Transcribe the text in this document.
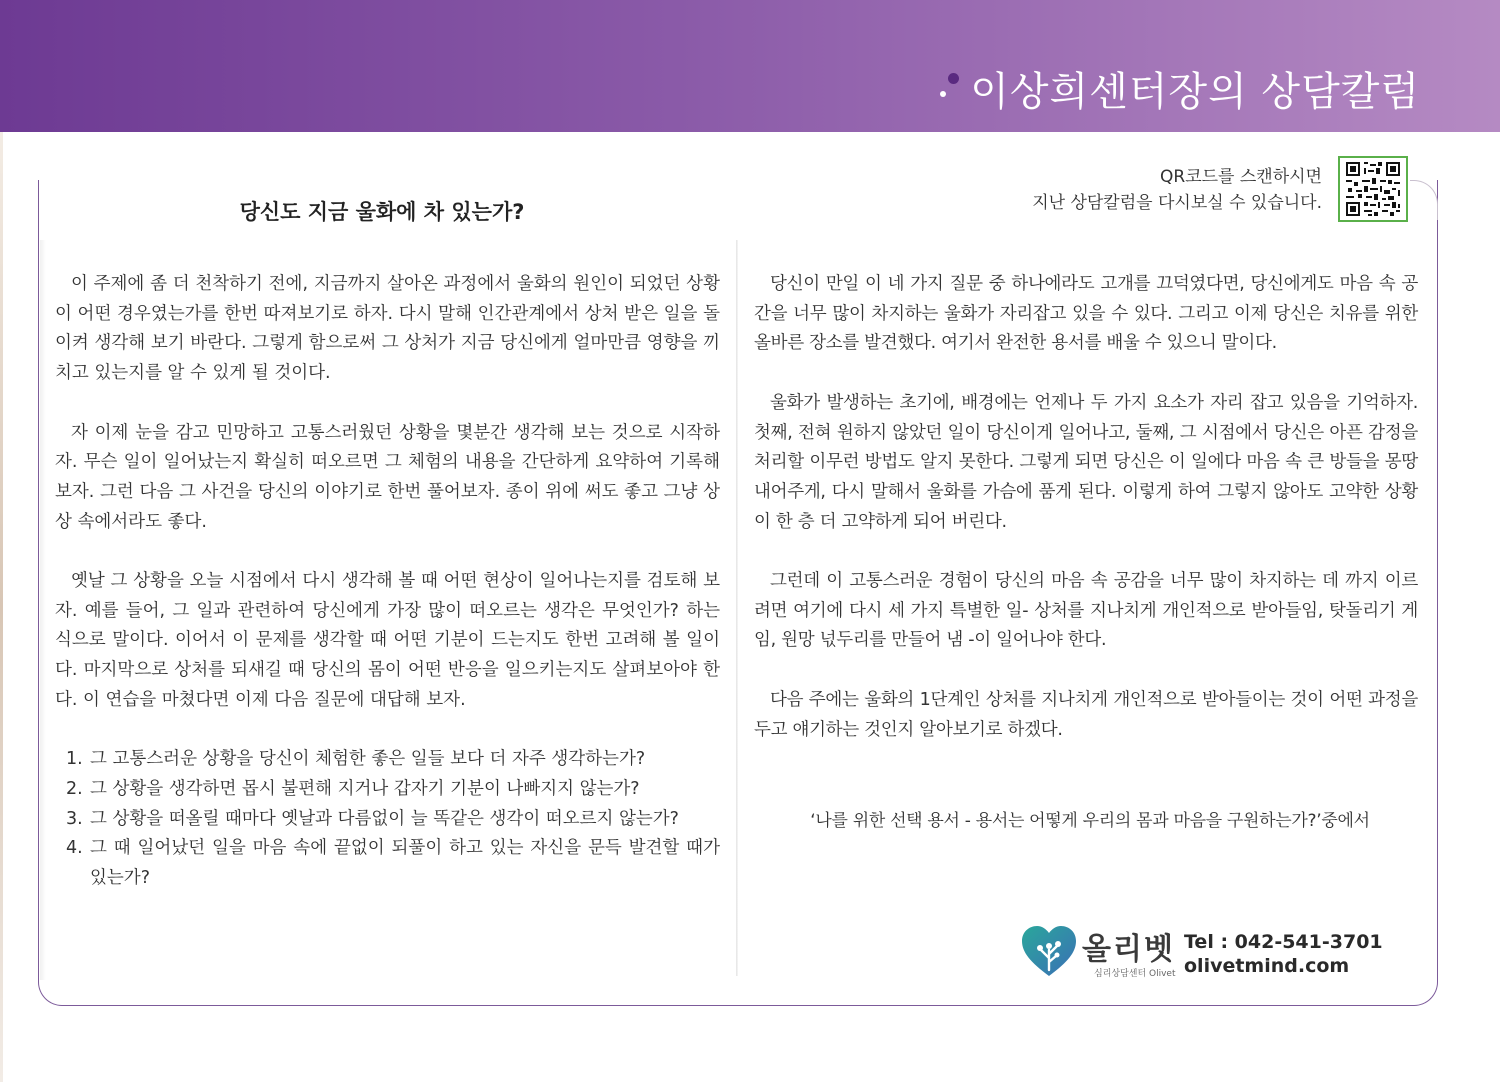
이상희센터장의 상담칼럼
당신도 지금 울화에 차 있는가?
QR코드를 스캔하시면
지난 상담칼럼을 다시보실 수 있습니다.

이 주제에 좀 더 천착하기 전에, 지금까지 살아온 과정에서 울화의 원인이 되었던 상황이 어떤 경우였는가를 한번 따져보기로 하자. 다시 말해 인간관계에서 상처 받은 일을 돌이켜 생각해 보기 바란다. 그렇게 함으로써 그 상처가 지금 당신에게 얼마만큼 영향을 끼치고 있는지를 알 수 있게 될 것이다.

자 이제 눈을 감고 민망하고 고통스러웠던 상황을 몇분간 생각해 보는 것으로 시작하자. 무슨 일이 일어났는지 확실히 떠오르면 그 체험의 내용을 간단하게 요약하여 기록해 보자. 그런 다음 그 사건을 당신의 이야기로 한번 풀어보자. 종이 위에 써도 좋고 그냥 상상 속에서라도 좋다.

옛날 그 상황을 오늘 시점에서 다시 생각해 볼 때 어떤 현상이 일어나는지를 검토해 보자. 예를 들어, 그 일과 관련하여 당신에게 가장 많이 떠오르는 생각은 무엇인가? 하는 식으로 말이다. 이어서 이 문제를 생각할 때 어떤 기분이 드는지도 한번 고려해 볼 일이다. 마지막으로 상처를 되새길 때 당신의 몸이 어떤 반응을 일으키는지도 살펴보아야 한다. 이 연습을 마쳤다면 이제 다음 질문에 대답해 보자.

1. 그 고통스러운 상황을 당신이 체험한 좋은 일들 보다 더 자주 생각하는가?
2. 그 상황을 생각하면 몹시 불편해 지거나 갑자기 기분이 나빠지지 않는가?
3. 그 상황을 떠올릴 때마다 옛날과 다름없이 늘 똑같은 생각이 떠오르지 않는가?
4. 그 때 일어났던 일을 마음 속에 끝없이 되풀이 하고 있는 자신을 문득 발견할 때가 있는가?

당신이 만일 이 네 가지 질문 중 하나에라도 고개를 끄덕였다면, 당신에게도 마음 속 공간을 너무 많이 차지하는 울화가 자리잡고 있을 수 있다. 그리고 이제 당신은 치유를 위한 올바른 장소를 발견했다. 여기서 완전한 용서를 배울 수 있으니 말이다.

울화가 발생하는 초기에, 배경에는 언제나 두 가지 요소가 자리 잡고 있음을 기억하자. 첫째, 전혀 원하지 않았던 일이 당신이게 일어나고, 둘째, 그 시점에서 당신은 아픈 감정을 처리할 이무런 방법도 알지 못한다. 그렇게 되면 당신은 이 일에다 마음 속 큰 방들을 몽땅 내어주게, 다시 말해서 울화를 가슴에 품게 된다. 이렇게 하여 그렇지 않아도 고약한 상황이 한 층 더 고약하게 되어 버린다.

그런데 이 고통스러운 경험이 당신의 마음 속 공감을 너무 많이 차지하는 데 까지 이르려면 여기에 다시 세 가지 특별한 일- 상처를 지나치게 개인적으로 받아들임, 탓돌리기 게임, 원망 넋두리를 만들어 냄 -이 일어나야 한다.

다음 주에는 울화의 1단계인 상처를 지나치게 개인적으로 받아들이는 것이 어떤 과정을 두고 얘기하는 것인지 알아보기로 하겠다.

‘나를 위한 선택 용서 - 용서는 어떻게 우리의 몸과 마음을 구원하는가?’중에서
올리벳
심리상담센터 Olivet
Tel : 042-541-3701
olivetmind.com
